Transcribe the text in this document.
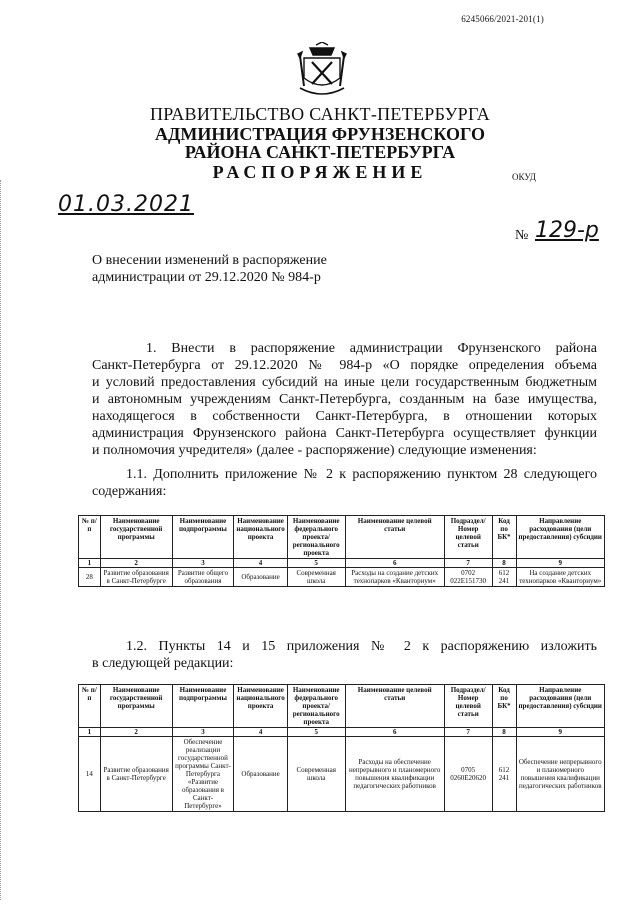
6245066/2021-201(1)
ПРАВИТЕЛЬСТВО САНКТ-ПЕТЕРБУРГА
АДМИНИСТРАЦИЯ ФРУНЗЕНСКОГО
РАЙОНА САНКТ-ПЕТЕРБУРГА
РАСПОРЯЖЕНИЕ	ОКУД
01.03.2021
№ 129-р
О внесении изменений в распоряжение
администрации от 29.12.2020 № 984-р
1. Внести в распоряжение администрации Фрунзенского района
Санкт-Петербурга от 29.12.2020 № 984-р «О порядке определения объема
и условий предоставления субсидий на иные цели государственным бюджетным
и автономным учреждениям Санкт-Петербурга, созданным на базе имущества,
находящегося в собственности Санкт-Петербурга, в отношении которых
администрация Фрунзенского района Санкт-Петербурга осуществляет функции
и полномочия учредителя» (далее - распоряжение) следующие изменения:
1.1. Дополнить приложение № 2 к распоряжению пунктом 28 следующего
содержания:
№ п/п	Наименование государственной программы	Наименование подпрограммы	Наименование национального проекта	Наименование федерального проекта/ регионального проекта	Наименование целевой статьи	Подраздел/ Номер целевой статьи	Код по БК*	Направление расходования (цели предоставления) субсидии
1	2	3	4	5	6	7	8	9
28	Развитие образования в Санкт-Петербурге	Развитие общего образования	Образование	Современная школа	Расходы на создание детских технопарков «Кванториум»	0702 022E151730	612 241	На создание детских технопарков «Кванториум»
1.2. Пункты 14 и 15 приложения № 2 к распоряжению изложить
в следующей редакции:
№ п/п	Наименование государственной программы	Наименование подпрограммы	Наименование национального проекта	Наименование федерального проекта/ регионального проекта	Наименование целевой статьи	Подраздел/ Номер целевой статьи	Код по БК*	Направление расходования (цели предоставления) субсидии
1	2	3	4	5	6	7	8	9
14	Развитие образования в Санкт-Петербурге	Обеспечение реализации государственной программы Санкт-Петербурга «Развитие образования в Санкт-Петербурге»	Образование	Современная школа	Расходы на обеспечение непрерывного и планомерного повышения квалификации педагогических работников	0705 0260Е20620	612 241	Обеспечение непрерывного и планомерного повышения квалификации педагогических работников
